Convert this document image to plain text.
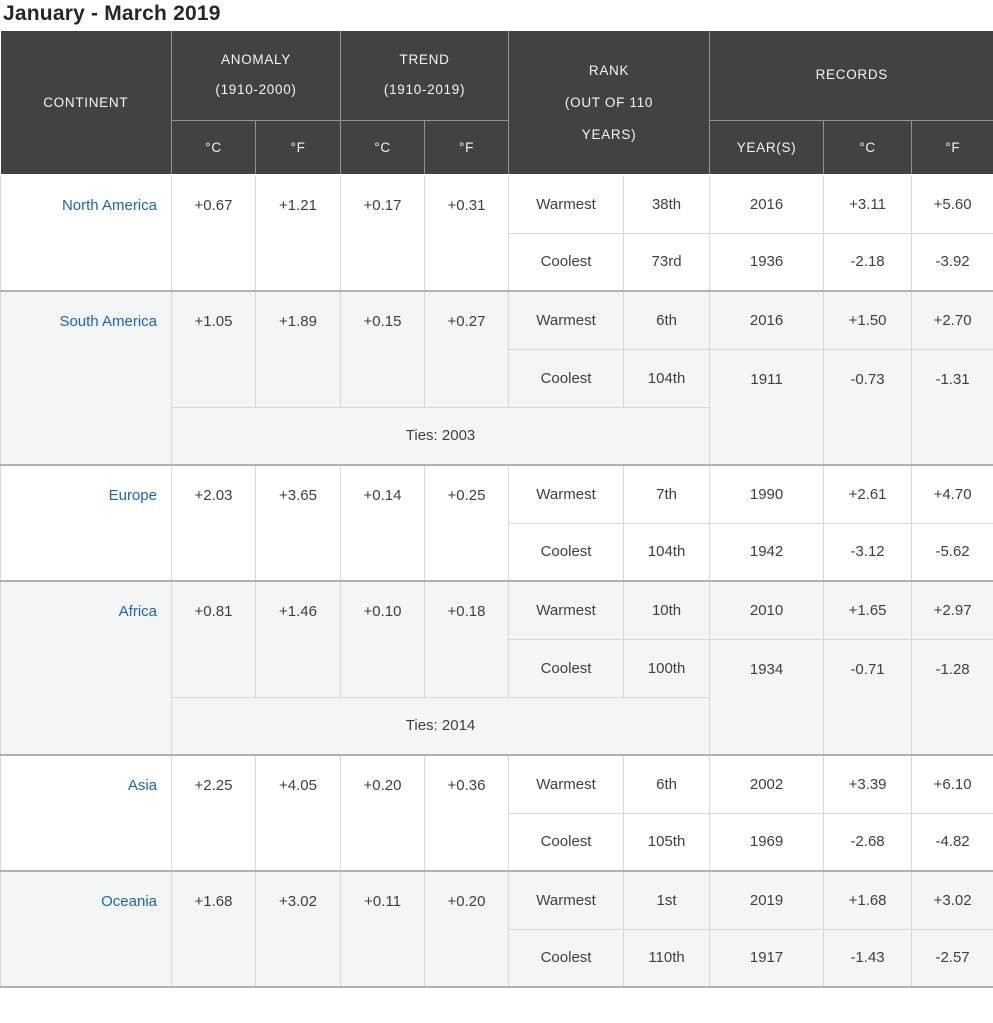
January - March 2019
CONTINENT

ANOMALY
(1910-2000)

TREND
(1910-2019)

RANK
(OUT OF 110
YEARS)

RECORDS

	°C	°F	°C	°F			YEAR(S)	°C	°F
North America	+0.67	+1.21	+0.17	+0.31	Warmest	38th	2016	+3.11	+5.60
					Coolest	73rd	1936	-2.18	-3.92
South America	+1.05	+1.89	+0.15	+0.27	Warmest	6th	2016	+1.50	+2.70
					Coolest	104th	1911	-0.73	-1.31
	Ties: 2003								
Europe	+2.03	+3.65	+0.14	+0.25	Warmest	7th	1990	+2.61	+4.70
					Coolest	104th	1942	-3.12	-5.62
Africa	+0.81	+1.46	+0.10	+0.18	Warmest	10th	2010	+1.65	+2.97
					Coolest	100th	1934	-0.71	-1.28
	Ties: 2014								
Asia	+2.25	+4.05	+0.20	+0.36	Warmest	6th	2002	+3.39	+6.10
					Coolest	105th	1969	-2.68	-4.82
Oceania	+1.68	+3.02	+0.11	+0.20	Warmest	1st	2019	+1.68	+3.02
					Coolest	110th	1917	-1.43	-2.57
